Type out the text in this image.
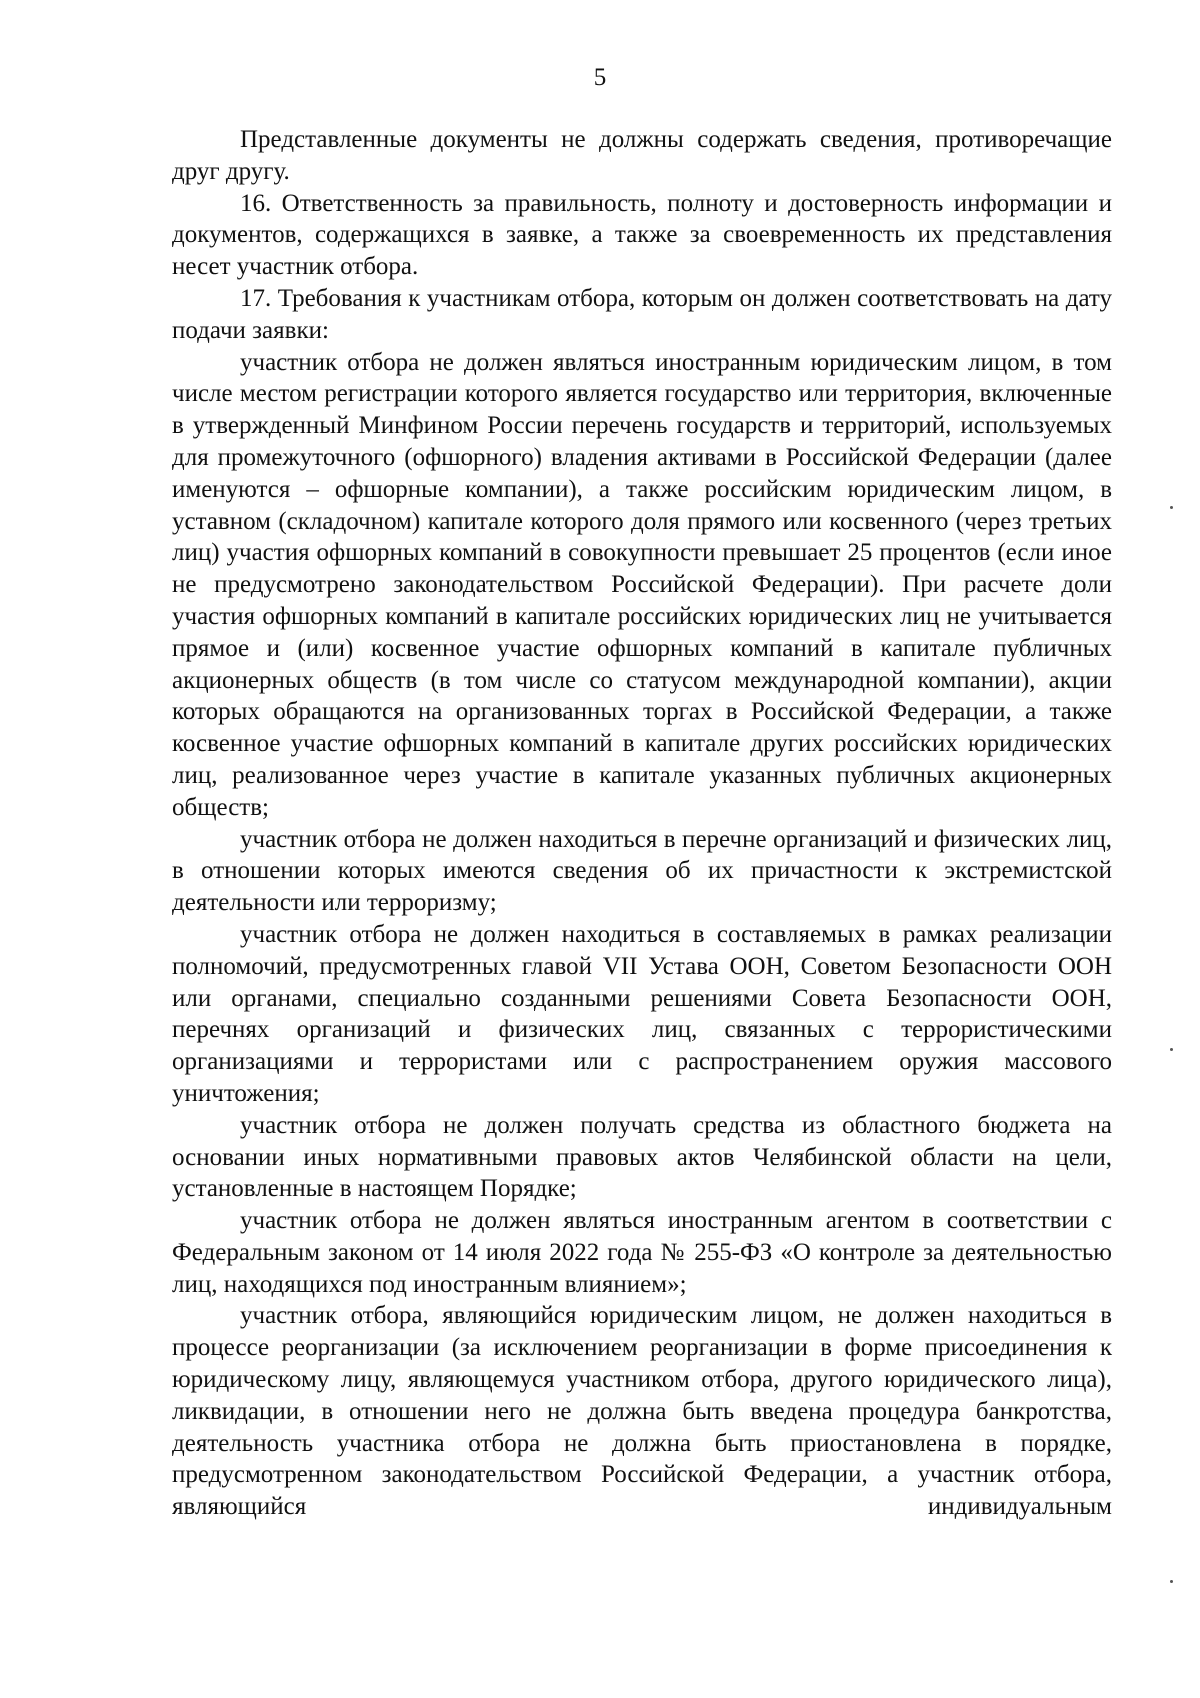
5

Представленные документы не должны содержать сведения, противоречащие друг другу.

16. Ответственность за правильность, полноту и достоверность информации и документов, содержащихся в заявке, а также за своевременность их представления несет участник отбора.

17. Требования к участникам отбора, которым он должен соответствовать на дату подачи заявки:

участник отбора не должен являться иностранным юридическим лицом, в том числе местом регистрации которого является государство или территория, включенные в утвержденный Минфином России перечень государств и территорий, используемых для промежуточного (офшорного) владения активами в Российской Федерации (далее именуются – офшорные компании), а также российским юридическим лицом, в уставном (складочном) капитале которого доля прямого или косвенного (через третьих лиц) участия офшорных компаний в совокупности превышает 25 процентов (если иное не предусмотрено законодательством Российской Федерации). При расчете доли участия офшорных компаний в капитале российских юридических лиц не учитывается прямое и (или) косвенное участие офшорных компаний в капитале публичных акционерных обществ (в том числе со статусом международной компании), акции которых обращаются на организованных торгах в Российской Федерации, а также косвенное участие офшорных компаний в капитале других российских юридических лиц, реализованное через участие в капитале указанных публичных акционерных обществ;

участник отбора не должен находиться в перечне организаций и физических лиц, в отношении которых имеются сведения об их причастности к экстремистской деятельности или терроризму;

участник отбора не должен находиться в составляемых в рамках реализации полномочий, предусмотренных главой VII Устава ООН, Советом Безопасности ООН или органами, специально созданными решениями Совета Безопасности ООН, перечнях организаций и физических лиц, связанных с террористическими организациями и террористами или с распространением оружия массового уничтожения;

участник отбора не должен получать средства из областного бюджета на основании иных нормативными правовых актов Челябинской области на цели, установленные в настоящем Порядке;

участник отбора не должен являться иностранным агентом в соответствии с Федеральным законом от 14 июля 2022 года № 255-ФЗ «О контроле за деятельностью лиц, находящихся под иностранным влиянием»;

участник отбора, являющийся юридическим лицом, не должен находиться в процессе реорганизации (за исключением реорганизации в форме присоединения к юридическому лицу, являющемуся участником отбора, другого юридического лица), ликвидации, в отношении него не должна быть введена процедура банкротства, деятельность участника отбора не должна быть приостановлена в порядке, предусмотренном законодательством Российской Федерации, а участник отбора, являющийся индивидуальным
